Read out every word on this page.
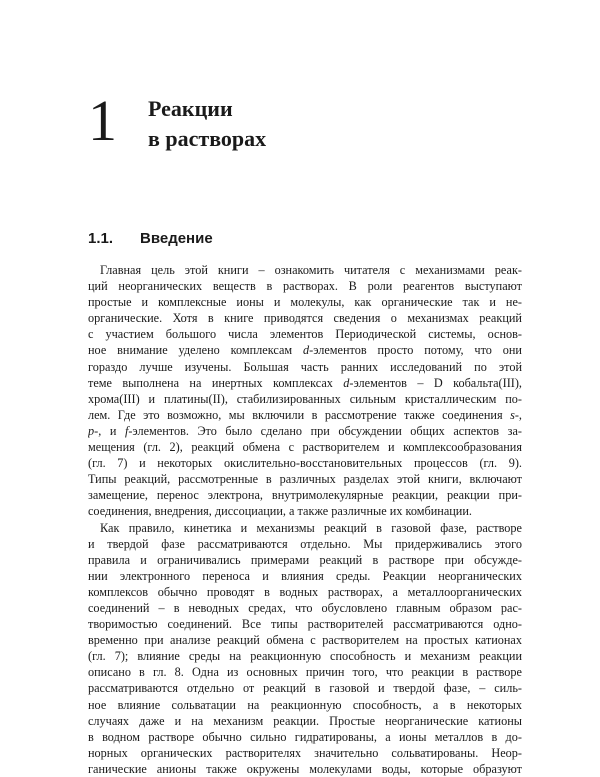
1	Реакции
в растворах
1.1.	Введение
Главная цель этой книги – ознакомить читателя с механизмами реак-
ций неорганических веществ в растворах. В роли реагентов выступают
простые и комплексные ионы и молекулы, как органические так и не-
органические. Хотя в книге приводятся сведения о механизмах реакций
с участием большого числа элементов Периодической системы, основ-
ное внимание уделено комплексам d-элементов просто потому, что они
гораздо лучше изучены. Большая часть ранних исследований по этой
теме выполнена на инертных комплексах d-элементов – D кобальта(III),
хрома(III) и платины(II), стабилизированных сильным кристаллическим по-
лем. Где это возможно, мы включили в рассмотрение также соединения s-,
p-, и f-элементов. Это было сделано при обсуждении общих аспектов за-
мещения (гл. 2), реакций обмена с растворителем и комплексообразования
(гл. 7) и некоторых окислительно-восстановительных процессов (гл. 9).
Типы реакций, рассмотренные в различных разделах этой книги, включают
замещение, перенос электрона, внутримолекулярные реакции, реакции при-
соединения, внедрения, диссоциации, а также различные их комбинации.
Как правило, кинетика и механизмы реакций в газовой фазе, растворе
и твердой фазе рассматриваются отдельно. Мы придерживались этого
правила и ограничивались примерами реакций в растворе при обсужде-
нии электронного переноса и влияния среды. Реакции неорганических
комплексов обычно проводят в водных растворах, а металлоорганических
соединений – в неводных средах, что обусловлено главным образом рас-
творимостью соединений. Все типы растворителей рассматриваются одно-
временно при анализе реакций обмена с растворителем на простых катионах
(гл. 7); влияние среды на реакционную способность и механизм реакции
описано в гл. 8. Одна из основных причин того, что реакции в растворе
рассматриваются отдельно от реакций в газовой и твердой фазе, – силь-
ное влияние сольватации на реакционную способность, а в некоторых
случаях даже и на механизм реакции. Простые неорганические катионы
в водном растворе обычно сильно гидратированы, а ионы металлов в до-
норных органических растворителях значительно сольватированы. Неор-
ганические анионы также окружены молекулами воды, которые образуют
